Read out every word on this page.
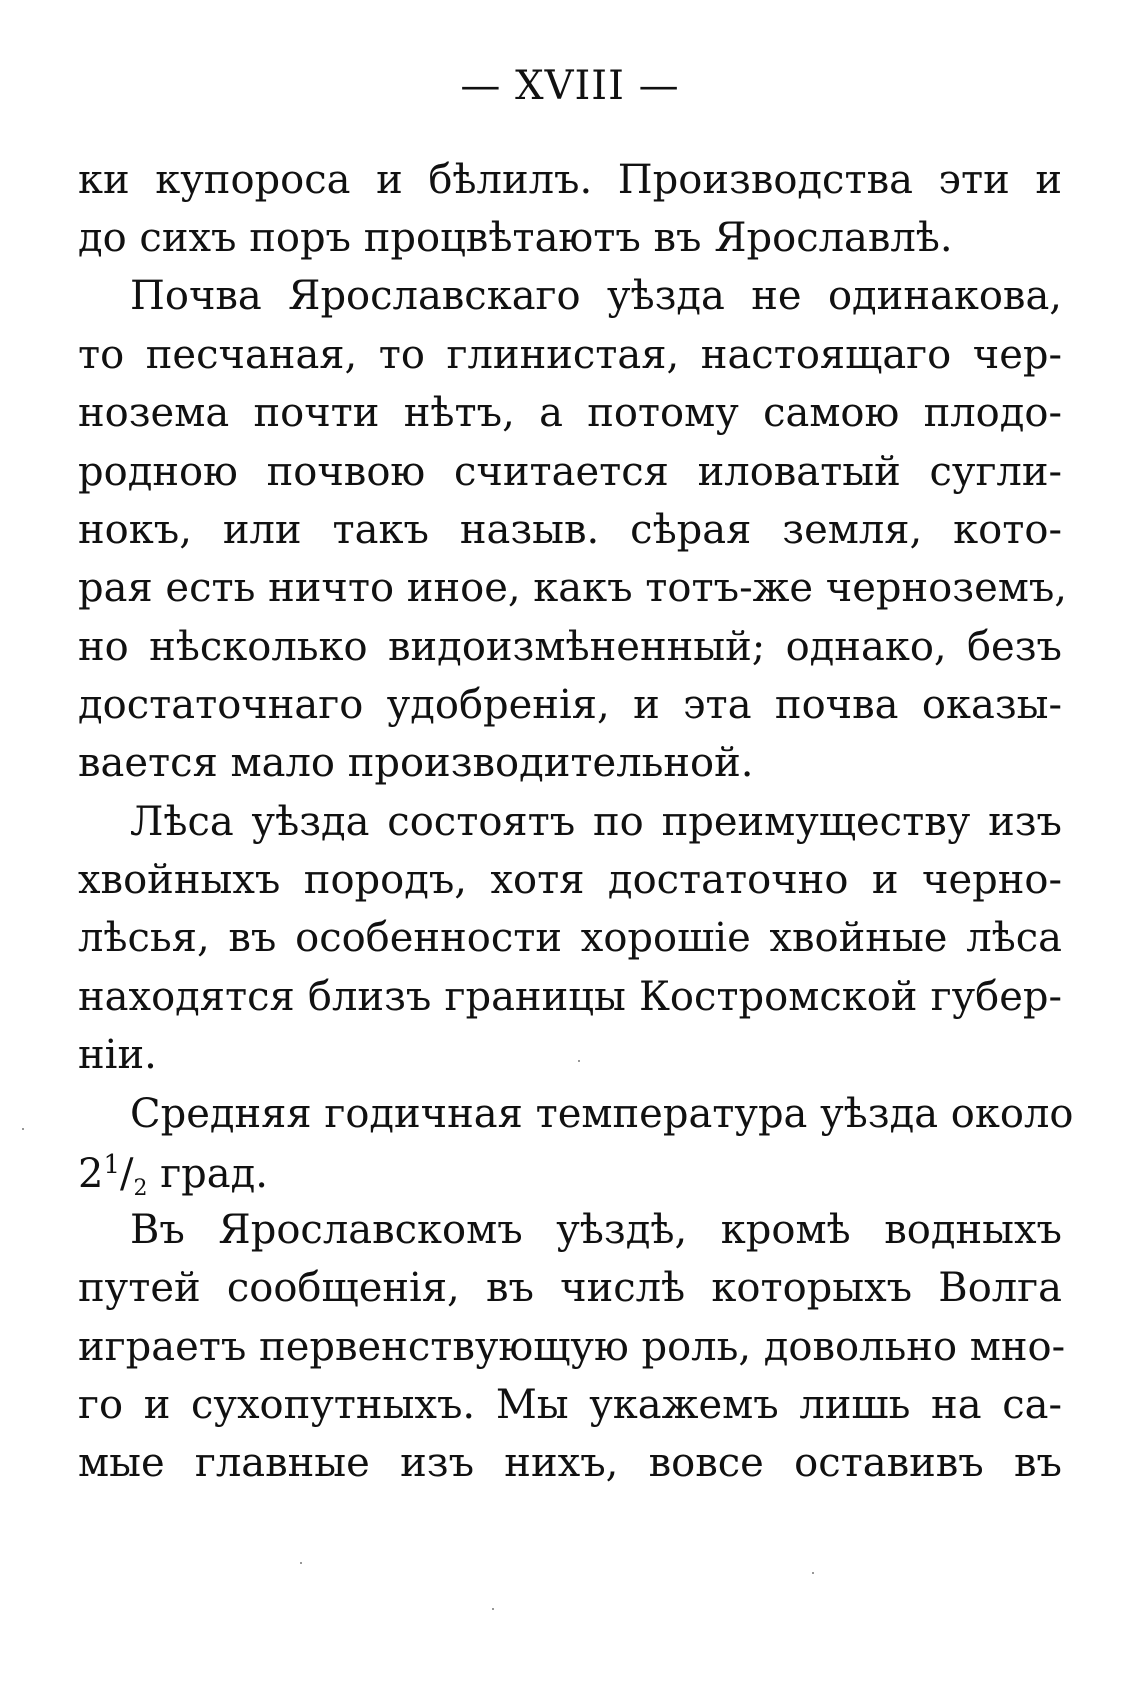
— XVIII —
ки купороса и бѣлилъ. Производства эти и
до сихъ поръ процвѣтаютъ въ Ярославлѣ.
Почва Ярославскаго уѣзда не одинакова,
то песчаная, то глинистая, настоящаго чер-
нозема почти нѣтъ, а потому самою плодо-
родною почвою считается иловатый сугли-
нокъ, или такъ назыв. сѣрая земля, кото-
рая есть ничто иное, какъ тотъ-же черноземъ,
но нѣсколько видоизмѣненный; однако, безъ
достаточнаго удобренія, и эта почва оказы-
вается мало производительной.
Лѣса уѣзда состоятъ по преимуществу изъ
хвойныхъ породъ, хотя достаточно и черно-
лѣсья, въ особенности хорошіе хвойные лѣса
находятся близъ границы Костромской губер-
ніи.
Средняя годичная температура уѣзда около
$2^1/_2$ град.
Въ Ярославскомъ уѣздѣ, кромѣ водныхъ
путей сообщенія, въ числѣ которыхъ Волга
играетъ первенствующую роль, довольно мно-
го и сухопутныхъ. Мы укажемъ лишь на са-
мые главные изъ нихъ, вовсе оставивъ въ
